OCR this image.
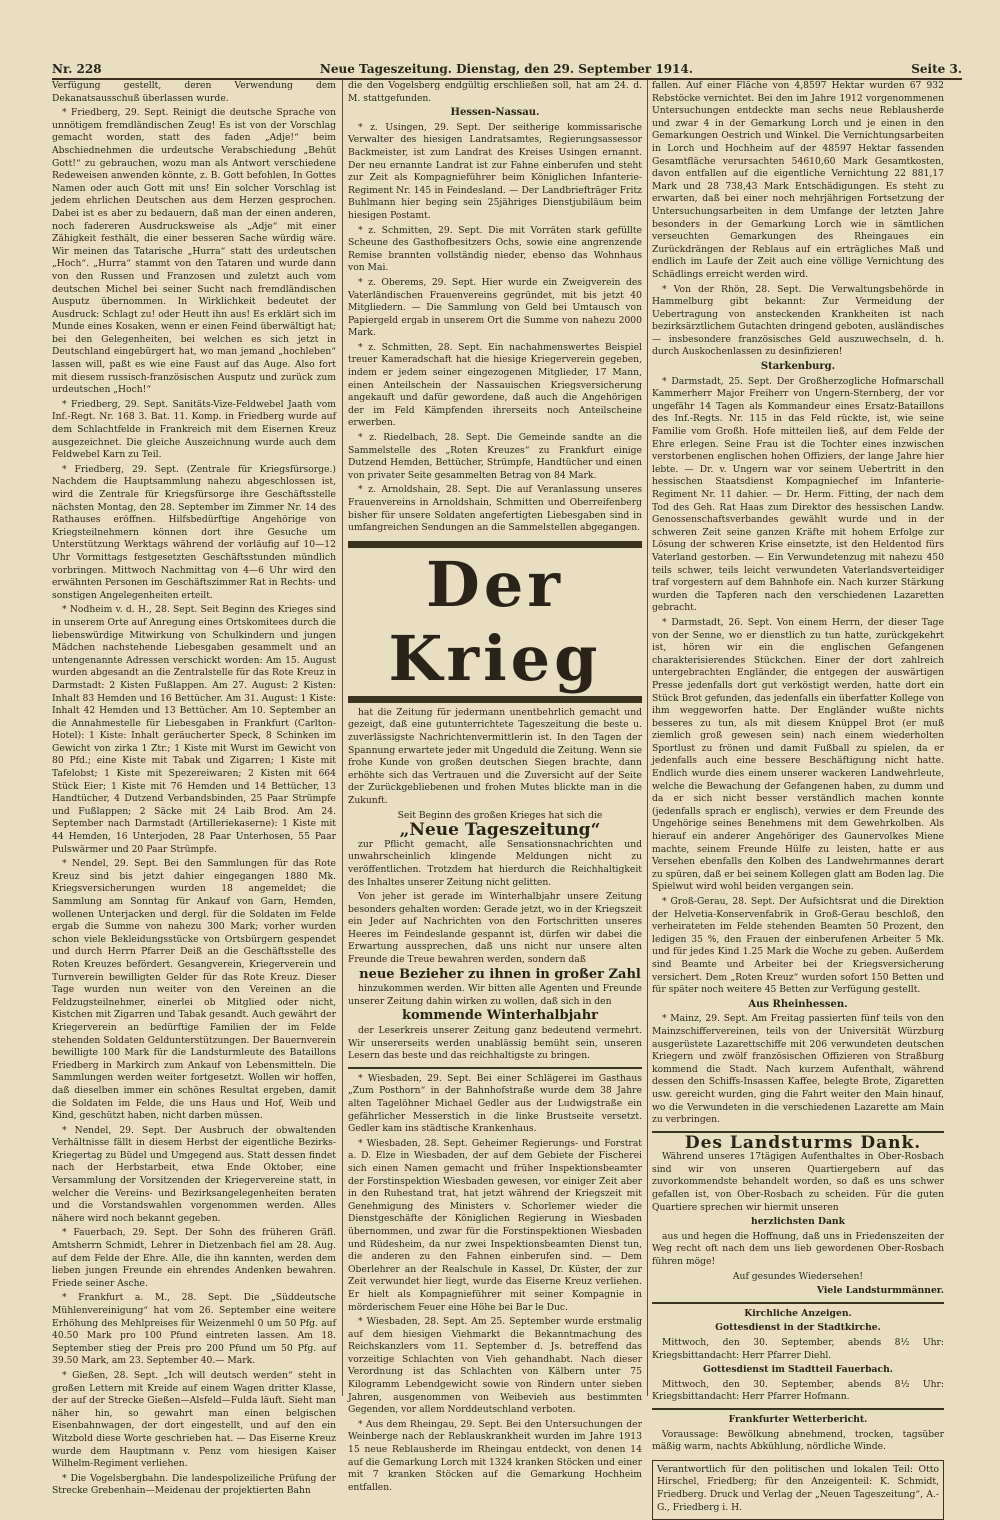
Nr. 228	Neue Tageszeitung. Dienstag, den 29. September 1914.	Seite 3.

Verfügung gestellt, deren Verwendung dem Dekanatsausschuß überlassen wurde.

* Friedberg, 29. Sept. Reinigt die deutsche Sprache von unnötigem fremdländischen Zeug! Es ist von der Vorschlag gemacht worden, statt des faden „Adje!“ beim Abschiednehmen die urdeutsche Verabschiedung „Behüt Gott!“ zu gebrauchen, wozu man als Antwort verschiedene Redeweisen anwenden könnte, z. B. Gott befohlen, In Gottes Namen oder auch Gott mit uns! Ein solcher Vorschlag ist jedem ehrlichen Deutschen aus dem Herzen gesprochen. Dabei ist es aber zu bedauern, daß man der einen anderen, noch fadereren Ausdrucksweise als „Adje“ mit einer Zähigkeit festhält, die einer besseren Sache würdig wäre. Wir meinen das Tatarische „Hurra“ statt des urdeutschen „Hoch“. „Hurra“ stammt von den Tataren und wurde dann von den Russen und Franzosen und zuletzt auch vom deutschen Michel bei seiner Sucht nach fremdländischen Ausputz übernommen. In Wirklichkeit bedeutet der Ausdruck: Schlagt zu! oder Heutt ihn aus! Es erklärt sich im Munde eines Kosaken, wenn er einen Feind überwältigt hat; bei den Gelegenheiten, bei welchen es sich jetzt in Deutschland eingebürgert hat, wo man jemand „hochleben“ lassen will, paßt es wie eine Faust auf das Auge. Also fort mit diesem russisch-französischen Ausputz und zurück zum urdeutschen „Hoch!“

* Friedberg, 29. Sept. Sanitäts-Vize-Feldwebel Jaath vom Inf.-Regt. Nr. 168 3. Bat. 11. Komp. in Friedberg wurde auf dem Schlachtfelde in Frankreich mit dem Eisernen Kreuz ausgezeichnet. Die gleiche Auszeichnung wurde auch dem Feldwebel Karn zu Teil.

* Friedberg, 29. Sept. (Zentrale für Kriegsfürsorge.) Nachdem die Hauptsammlung nahezu abgeschlossen ist, wird die Zentrale für Kriegsfürsorge ihre Geschäftsstelle nächsten Montag, den 28. September im Zimmer Nr. 14 des Rathauses eröffnen. Hilfsbedürftige Angehörige von Kriegsteilnehmern können dort ihre Gesuche um Unterstützung Werktags während der vorläufig auf 10—12 Uhr Vormittags festgesetzten Geschäftsstunden mündlich vorbringen. Mittwoch Nachmittag von 4—6 Uhr wird den erwähnten Personen im Geschäftszimmer Rat in Rechts- und sonstigen Angelegenheiten erteilt.

* Nodheim v. d. H., 28. Sept. Seit Beginn des Krieges sind in unserem Orte auf Anregung eines Ortskomitees durch die liebenswürdige Mitwirkung von Schulkindern und jungen Mädchen nachstehende Liebesgaben gesammelt und an untengenannte Adressen verschickt worden: Am 15. August wurden abgesandt an die Zentralstelle für das Rote Kreuz in Darmstadt: 2 Kisten Fußlappen. Am 27. August: 2 Kisten: Inhalt 83 Hemden und 16 Bettücher. Am 31. August: 1 Kiste: Inhalt 42 Hemden und 13 Bettücher. Am 10. September an die Annahmestelle für Liebesgaben in Frankfurt (Carlton-Hotel): 1 Kiste: Inhalt geräucherter Speck, 8 Schinken im Gewicht von zirka 1 Ztr.; 1 Kiste mit Wurst im Gewicht von 80 Pfd.; eine Kiste mit Tabak und Zigarren; 1 Kiste mit Tafelobst; 1 Kiste mit Spezereiwaren; 2 Kisten mit 664 Stück Eier; 1 Kiste mit 76 Hemden und 14 Bettücher, 13 Handtücher, 4 Dutzend Verbandsbinden, 25 Paar Strümpfe und Fußlappen; 2 Säcke mit 24 Laib Brod. Am 24. September nach Darmstadt (Artilleriekaserne): 1 Kiste mit 44 Hemden, 16 Unterjoden, 28 Paar Unterhosen, 55 Paar Pulswärmer und 20 Paar Strümpfe.

* Nendel, 29. Sept. Bei den Sammlungen für das Rote Kreuz sind bis jetzt dahier eingegangen 1880 Mk. Kriegsversicherungen wurden 18 angemeldet; die Sammlung am Sonntag für Ankauf von Garn, Hemden, wollenen Unterjacken und dergl. für die Soldaten im Felde ergab die Summe von nahezu 300 Mark; vorher wurden schon viele Bekleidungsstücke von Ortsbürgern gespendet und durch Herrn Pfarrer Deiß an die Geschäftsstelle des Roten Kreuzes befördert. Gesangverein, Kriegerverein und Turnverein bewilligten Gelder für das Rote Kreuz. Dieser Tage wurden nun weiter von den Vereinen an die Feldzugsteilnehmer, einerlei ob Mitglied oder nicht, Kistchen mit Zigarren und Tabak gesandt. Auch gewährt der Kriegerverein an bedürftige Familien der im Felde stehenden Soldaten Geldunterstützungen. Der Bauernverein bewilligte 100 Mark für die Landsturmleute des Bataillons Friedberg in Markirch zum Ankauf von Lebensmitteln. Die Sammlungen werden weiter fortgesetzt. Wollen wir hoffen, daß dieselben immer ein schönes Resultat ergeben, damit die Soldaten im Felde, die uns Haus und Hof, Weib und Kind, geschützt haben, nicht darben müssen.

* Nendel, 29. Sept. Der Ausbruch der obwaltenden Verhältnisse fällt in diesem Herbst der eigentliche Bezirks-Kriegertag zu Büdel und Umgegend aus. Statt dessen findet nach der Herbstarbeit, etwa Ende Oktober, eine Versammlung der Vorsitzenden der Kriegervereine statt, in welcher die Vereins- und Bezirksangelegenheiten beraten und die Vorstandswahlen vorgenommen werden. Alles nähere wird noch bekannt gegeben.

* Fauerbach, 29. Sept. Der Sohn des früheren Gräfl. Amtsherrn Schmidt, Lehrer in Dietzenbach fiel am 28. Aug. auf dem Felde der Ehre. Alle, die ihn kannten, werden dem lieben jungen Freunde ein ehrendes Andenken bewahren. Friede seiner Asche.

* Frankfurt a. M., 28. Sept. Die „Süddeutsche Mühlenvereinigung“ hat vom 26. September eine weitere Erhöhung des Mehlpreises für Weizenmehl 0 um 50 Pfg. auf 40.50 Mark pro 100 Pfund eintreten lassen. Am 18. September stieg der Preis pro 200 Pfund um 50 Pfg. auf 39.50 Mark, am 23. September 40.— Mark.

* Gießen, 28. Sept. „Ich will deutsch werden“ steht in großen Lettern mit Kreide auf einem Wagen dritter Klasse, der auf der Strecke Gießen—Alsfeld—Fulda läuft. Sieht man näher hin, so gewahrt man einen belgischen Eisenbahnwagen, der dort eingestellt, und auf den ein Witzbold diese Worte geschrieben hat. — Das Eiserne Kreuz wurde dem Hauptmann v. Penz vom hiesigen Kaiser Wilhelm-Regiment verliehen.

* Die Vogelsbergbahn. Die landespolizeiliche Prüfung der Strecke Grebenhain—Meidenau der projektierten Bahn

die den Vogelsberg endgültig erschließen soll, hat am 24. d. M. stattgefunden.

Hessen-Nassau.

* z. Usingen, 29. Sept. Der seitherige kommissarische Verwalter des hiesigen Landratsamtes, Regierungsassessor Backmeister, ist zum Landrat des Kreises Usingen ernannt. Der neu ernannte Landrat ist zur Fahne einberufen und steht zur Zeit als Kompagnieführer beim Königlichen Infanterie-Regiment Nr. 145 in Feindesland. — Der Landbriefträger Fritz Buhlmann hier beging sein 25jähriges Dienstjubiläum beim hiesigen Postamt.

* z. Schmitten, 29. Sept. Die mit Vorräten stark gefüllte Scheune des Gasthofbesitzers Ochs, sowie eine angrenzende Remise brannten vollständig nieder, ebenso das Wohnhaus von Mai.

* z. Oberems, 29. Sept. Hier wurde ein Zweigverein des Vaterländischen Frauenvereins gegründet, mit bis jetzt 40 Mitgliedern. — Die Sammlung von Geld bei Umtausch von Papiergeld ergab in unserem Ort die Summe von nahezu 2000 Mark.

* z. Schmitten, 28. Sept. Ein nachahmenswertes Beispiel treuer Kameradschaft hat die hiesige Kriegerverein gegeben, indem er jedem seiner eingezogenen Mitglieder, 17 Mann, einen Anteilschein der Nassauischen Kriegsversicherung angekauft und dafür gewordene, daß auch die Angehörigen der im Feld Kämpfenden ihrerseits noch Anteilscheine erwerben.

* z. Riedelbach, 28. Sept. Die Gemeinde sandte an die Sammelstelle des „Roten Kreuzes“ zu Frankfurt einige Dutzend Hemden, Bettücher, Strümpfe, Handtücher und einen von privater Seite gesammelten Betrag von 84 Mark.

* z. Arnoldshain, 28. Sept. Die auf Veranlassung unseres Frauenvereins in Arnoldshain, Schmitten und Oberreifenberg bisher für unsere Soldaten angefertigten Liebesgaben sind in umfangreichen Sendungen an die Sammelstellen abgegangen.

Der Krieg

hat die Zeitung für jedermann unentbehrlich gemacht und gezeigt, daß eine gutunterrichtete Tageszeitung die beste u. zuverlässigste Nachrichtenvermittlerin ist. In den Tagen der Spannung erwartete jeder mit Ungeduld die Zeitung. Wenn sie frohe Kunde von großen deutschen Siegen brachte, dann erhöhte sich das Vertrauen und die Zuversicht auf der Seite der Zurückgebliebenen und frohen Mutes blickte man in die Zukunft.

Seit Beginn des großen Krieges hat sich die

„Neue Tageszeitung“

zur Pflicht gemacht, alle Sensationsnachrichten und unwahrscheinlich klingende Meldungen nicht zu veröffentlichen. Trotzdem hat hierdurch die Reichhaltigkeit des Inhaltes unserer Zeitung nicht gelitten.

Von jeher ist gerade im Winterhalbjahr unsere Zeitung besonders gehalten worden: Gerade jetzt, wo in der Kriegszeit ein Jeder auf Nachrichten von den Fortschritten unseres Heeres im Feindeslande gespannt ist, dürfen wir dabei die Erwartung aussprechen, daß uns nicht nur unsere alten Freunde die Treue bewahren werden, sondern daß

neue Bezieher zu ihnen in großer Zahl

hinzukommen werden. Wir bitten alle Agenten und Freunde unserer Zeitung dahin wirken zu wollen, daß sich in den

kommende Winterhalbjahr

der Leserkreis unserer Zeitung ganz bedeutend vermehrt. Wir unsererseits werden unablässig bemüht sein, unseren Lesern das beste und das reichhaltigste zu bringen.

* Wiesbaden, 29. Sept. Bei einer Schlägerei im Gasthaus „Zum Posthorn“ in der Bahnhofstraße wurde dem 38 Jahre alten Tagelöhner Michael Gedler aus der Ludwigstraße ein gefährlicher Messerstich in die linke Brustseite versetzt. Gedler kam ins städtische Krankenhaus.

* Wiesbaden, 28. Sept. Geheimer Regierungs- und Forstrat a. D. Elze in Wiesbaden, der auf dem Gebiete der Fischerei sich einen Namen gemacht und früher Inspektionsbeamter der Forstinspektion Wiesbaden gewesen, vor einiger Zeit aber in den Ruhestand trat, hat jetzt während der Kriegszeit mit Genehmigung des Ministers v. Schorlemer wieder die Dienstgeschäfte der Königlichen Regierung in Wiesbaden übernommen, und zwar für die Forstinspektionen Wiesbaden und Rüdesheim, da nur zwei Inspektionsbeamten Dienst tun, die anderen zu den Fahnen einberufen sind. — Dem Oberlehrer an der Realschule in Kassel, Dr. Küster, der zur Zeit verwundet hier liegt, wurde das Eiserne Kreuz verliehen. Er hielt als Kompagnieführer mit seiner Kompagnie in mörderischem Feuer eine Höhe bei Bar le Duc.

* Wiesbaden, 28. Sept. Am 25. September wurde erstmalig auf dem hiesigen Viehmarkt die Bekanntmachung des Reichskanzlers vom 11. September d. Js. betreffend das vorzeitige Schlachten von Vieh gehandhabt. Nach dieser Verordnung ist das Schlachten von Kälbern unter 75 Kilogramm Lebendgewicht sowie von Rindern unter sieben Jahren, ausgenommen von Weibevieh aus bestimmten Gegenden, vor allem Norddeutschland verboten.

* Aus dem Rheingau, 29. Sept. Bei den Untersuchungen der Weinberge nach der Reblauskrankheit wurden im Jahre 1913 15 neue Reblausherde im Rheingau entdeckt, von denen 14 auf die Gemarkung Lorch mit 1324 kranken Stöcken und einer mit 7 kranken Stöcken auf die Gemarkung Hochheim entfallen.

fallen. Auf einer Fläche von 4,8597 Hektar wurden 67 932 Rebstöcke vernichtet. Bei den im Jahre 1912 vorgenommenen Untersuchungen entdeckte man sechs neue Reblausherde und zwar 4 in der Gemarkung Lorch und je einen in den Gemarkungen Oestrich und Winkel. Die Vernichtungsarbeiten in Lorch und Hochheim auf der 48597 Hektar fassenden Gesamtfläche verursachten 54610,60 Mark Gesamtkosten, davon entfallen auf die eigentliche Vernichtung 22 881,17 Mark und 28 738,43 Mark Entschädigungen. Es steht zu erwarten, daß bei einer noch mehrjährigen Fortsetzung der Untersuchungsarbeiten in dem Umfange der letzten Jahre besonders in der Gemarkung Lorch wie in sämtlichen verseuchten Gemarkungen des Rheingaues ein Zurückdrängen der Reblaus auf ein erträgliches Maß und endlich im Laufe der Zeit auch eine völlige Vernichtung des Schädlings erreicht werden wird.

* Von der Rhön, 28. Sept. Die Verwaltungsbehörde in Hammelburg gibt bekannt: Zur Vermeidung der Uebertragung von ansteckenden Krankheiten ist nach bezirksärztlichem Gutachten dringend geboten, ausländisches — insbesondere französisches Geld auszuwechseln, d. h. durch Auskochenlassen zu desinfizieren!

Starkenburg.

* Darmstadt, 25. Sept. Der Großherzogliche Hofmarschall Kammerherr Major Freiherr von Ungern-Sternberg, der vor ungefähr 14 Tagen als Kommandeur eines Ersatz-Bataillons des Inf.-Regts. Nr. 115 in das Feld rückte, ist, wie seine Familie vom Großh. Hofe mitteilen ließ, auf dem Felde der Ehre erlegen. Seine Frau ist die Tochter eines inzwischen verstorbenen englischen hohen Offiziers, der lange Jahre hier lebte. — Dr. v. Ungern war vor seinem Uebertritt in den hessischen Staatsdienst Kompagniechef im Infanterie-Regiment Nr. 11 dahier. — Dr. Herm. Fitting, der nach dem Tod des Geh. Rat Haas zum Direktor des hessischen Landw. Genossenschaftsverbandes gewählt wurde und in der schweren Zeit seine ganzen Kräfte mit hohem Erfolge zur Lösung der schweren Krise einsetzte, ist den Heldentod fürs Vaterland gestorben. — Ein Verwundetenzug mit nahezu 450 teils schwer, teils leicht verwundeten Vaterlandsverteidiger traf vorgestern auf dem Bahnhofe ein. Nach kurzer Stärkung wurden die Tapferen nach den verschiedenen Lazaretten gebracht.

* Darmstadt, 26. Sept. Von einem Herrn, der dieser Tage von der Senne, wo er dienstlich zu tun hatte, zurückgekehrt ist, hören wir ein die englischen Gefangenen charakterisierendes Stückchen. Einer der dort zahlreich untergebrachten Engländer, die entgegen der auswärtigen Presse jedenfalls dort gut verköstigt werden, hatte dort ein Stück Brot gefunden, das jedenfalls ein überfatter Kollege von ihm weggeworfen hatte. Der Engländer wußte nichts besseres zu tun, als mit diesem Knüppel Brot (er muß ziemlich groß gewesen sein) nach einem wiederholten Sportlust zu frönen und damit Fußball zu spielen, da er jedenfalls auch eine bessere Beschäftigung nicht hatte. Endlich wurde dies einem unserer wackeren Landwehrleute, welche die Bewachung der Gefangenen haben, zu dumm und da er sich nicht besser verständlich machen konnte (jedenfalls sprach er englisch), verwies er dem Freunde des Ungehörige seines Benehmens mit dem Gewehrkolben. Als hierauf ein anderer Angehöriger des Gaunervolkes Miene machte, seinem Freunde Hülfe zu leisten, hatte er aus Versehen ebenfalls den Kolben des Landwehrmannes derart zu spüren, daß er bei seinem Kollegen glatt am Boden lag. Die Spielwut wird wohl beiden vergangen sein.

* Groß-Gerau, 28. Sept. Der Aufsichtsrat und die Direktion der Helvetia-Konservenfabrik in Groß-Gerau beschloß, den verheirateten im Felde stehenden Beamten 50 Prozent, den ledigen 35 %, den Frauen der einberufenen Arbeiter 5 Mk. und für jedes Kind 1.25 Mark die Woche zu geben. Außerdem sind Beamte und Arbeiter bei der Kriegsversicherung versichert. Dem „Roten Kreuz“ wurden sofort 150 Betten und für später noch weitere 45 Betten zur Verfügung gestellt.

Aus Rheinhessen.

* Mainz, 29. Sept. Am Freitag passierten fünf teils von den Mainzschiffervereinen, teils von der Universität Würzburg ausgerüstete Lazarettschiffe mit 206 verwundeten deutschen Kriegern und zwölf französischen Offizieren von Straßburg kommend die Stadt. Nach kurzem Aufenthalt, während dessen den Schiffs-Insassen Kaffee, belegte Brote, Zigaretten usw. gereicht wurden, ging die Fahrt weiter den Main hinauf, wo die Verwundeten in die verschiedenen Lazarette am Main zu verbringen.

Des Landsturms Dank.

Während unseres 17tägigen Aufenthaltes in Ober-Rosbach sind wir von unseren Quartiergebern auf das zuvorkommendste behandelt worden, so daß es uns schwer gefallen ist, von Ober-Rosbach zu scheiden. Für die guten Quartiere sprechen wir hiermit unseren

herzlichsten Dank

aus und hegen die Hoffnung, daß uns in Friedenszeiten der Weg recht oft nach dem uns lieb gewordenen Ober-Rosbach führen möge!

Auf gesundes Wiedersehen!

Viele Landsturmmänner.

Kirchliche Anzeigen.

Gottesdienst in der Stadtkirche.

Mittwoch, den 30. September, abends 8½ Uhr: Kriegsbittandacht: Herr Pfarrer Diehl.

Gottesdienst im Stadtteil Fauerbach.

Mittwoch, den 30. September, abends 8½ Uhr: Kriegsbittandacht: Herr Pfarrer Hofmann.

Frankfurter Wetterbericht.

Voraussage: Bewölkung abnehmend, trocken, tagsüber mäßig warm, nachts Abkühlung, nördliche Winde.

Verantwortlich für den politischen und lokalen Teil: Otto Hirschel, Friedberg; für den Anzeigenteil: K. Schmidt, Friedberg. Druck und Verlag der „Neuen Tageszeitung“, A.-G., Friedberg i. H.
